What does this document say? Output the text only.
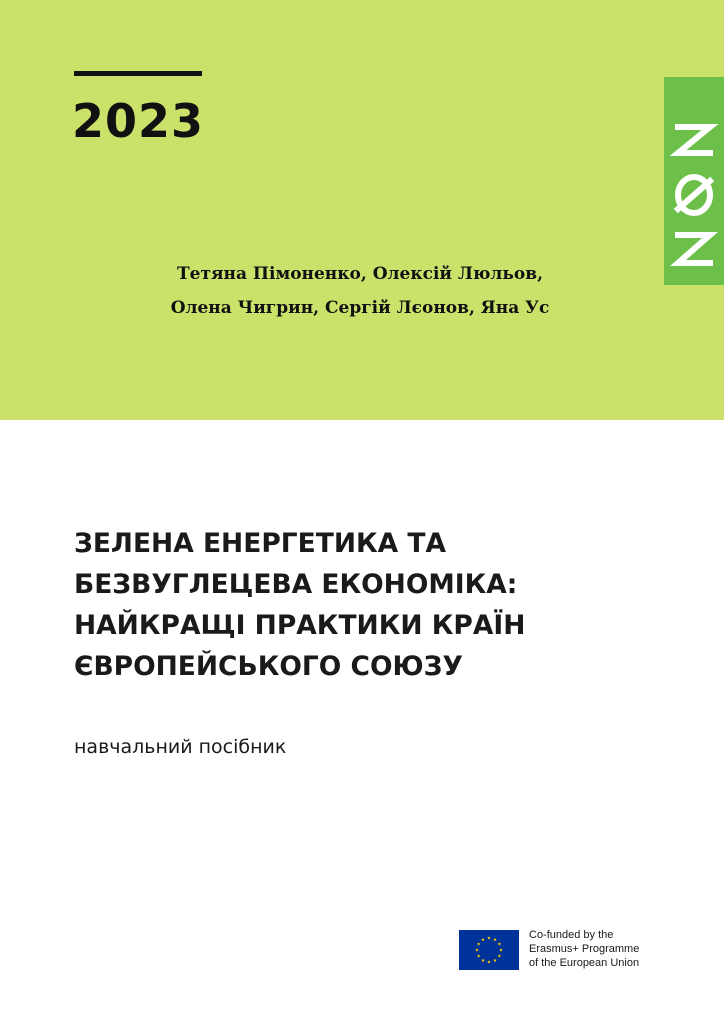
2023
Тетяна Пімоненко, Олексій Люльов,
Олена Чигрин, Сергій Лєонов, Яна Ус
ЗЕЛЕНА ЕНЕРГЕТИКА ТА
БЕЗВУГЛЕЦЕВА ЕКОНОМІКА:
НАЙКРАЩІ ПРАКТИКИ КРАЇН
ЄВРОПЕЙСЬКОГО СОЮЗУ
навчальний посібник
Co-funded by the
Erasmus+ Programme
of the European Union
